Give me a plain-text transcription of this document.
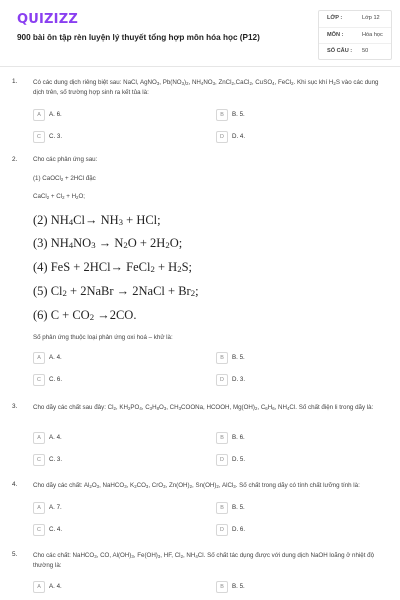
QUIZIZZ
900 bài ôn tập rèn luyện lý thuyết tổng hợp môn hóa học (P12)
LỚP :	Lớp 12
MÔN :	Hóa học
SỐ CÂU : 50
1.	Có các dung dịch riêng biệt sau: NaCl, AgNO$_3$, $Pb(NO_3)_2$, $NH_4NO_3$, ZnCl$_2$,CaCl$_2$, CuSO$_4$, FeCl$_2$. Khi sục khí $H_2S$ vào các dung dịch trên, số trường hợp sinh ra kết tủa là:
A	A. 6.	B	B. 5.
C	C. 3.	D	D. 4.
2.	Cho các phản ứng sau:
(1) CaOCl$_2$ + 2HCl đặc
CaCl$_2$ + $Cl_2 + H_2O$;
(2) $NH_4Cl\to NH_3$ + HCl;
(3) $NH_4NO_3 \to N_2O + 2H_2O$;
(4) FeS + 2HCl→ FeCl$_2$ + $H_2S$;
(5) $Cl_2$ + 2NaBr → 2NaCl + $Br_2$;
(6) $C + CO_2 \to 2CO$.
Số phản ứng thuộc loại phản ứng oxi hoá – khử là:
A	A. 4.	B	B. 5.
C	C. 6.	D	D. 3.
3.	Cho dãy các chất sau đây: $Cl_2$, $KH_2PO_4$, $C_3H_8O_3$, $CH_3COONa$, HCOOH, $Mg(OH)_2$, $C_6H_6$, $NH_4Cl$. Số chất điện li trong dãy là:
A	A. 4.	B	B. 6.
C	C. 3.	D	D. 5.
4.	Cho dãy các chất: $Al_2O_3$, NaHCO$_3$, $K_2CO_3$, CrO$_3$, $Zn(OH)_2$, $Sn(OH)_2$, AlCl$_3$. Số chất trong dãy có tính chất lưỡng tính là:
A	A. 7.	B	B. 5.
C	C. 4.	D	D. 6.
5.	Cho các chất: NaHCO$_3$, CO, $Al(OH)_3$, $Fe(OH)_3$, HF, $Cl_2$, $NH_4Cl$. Số chất tác dụng được với dung dịch NaOH loãng ở nhiệt độ thường là:
A	A. 4.	B	B. 5.
